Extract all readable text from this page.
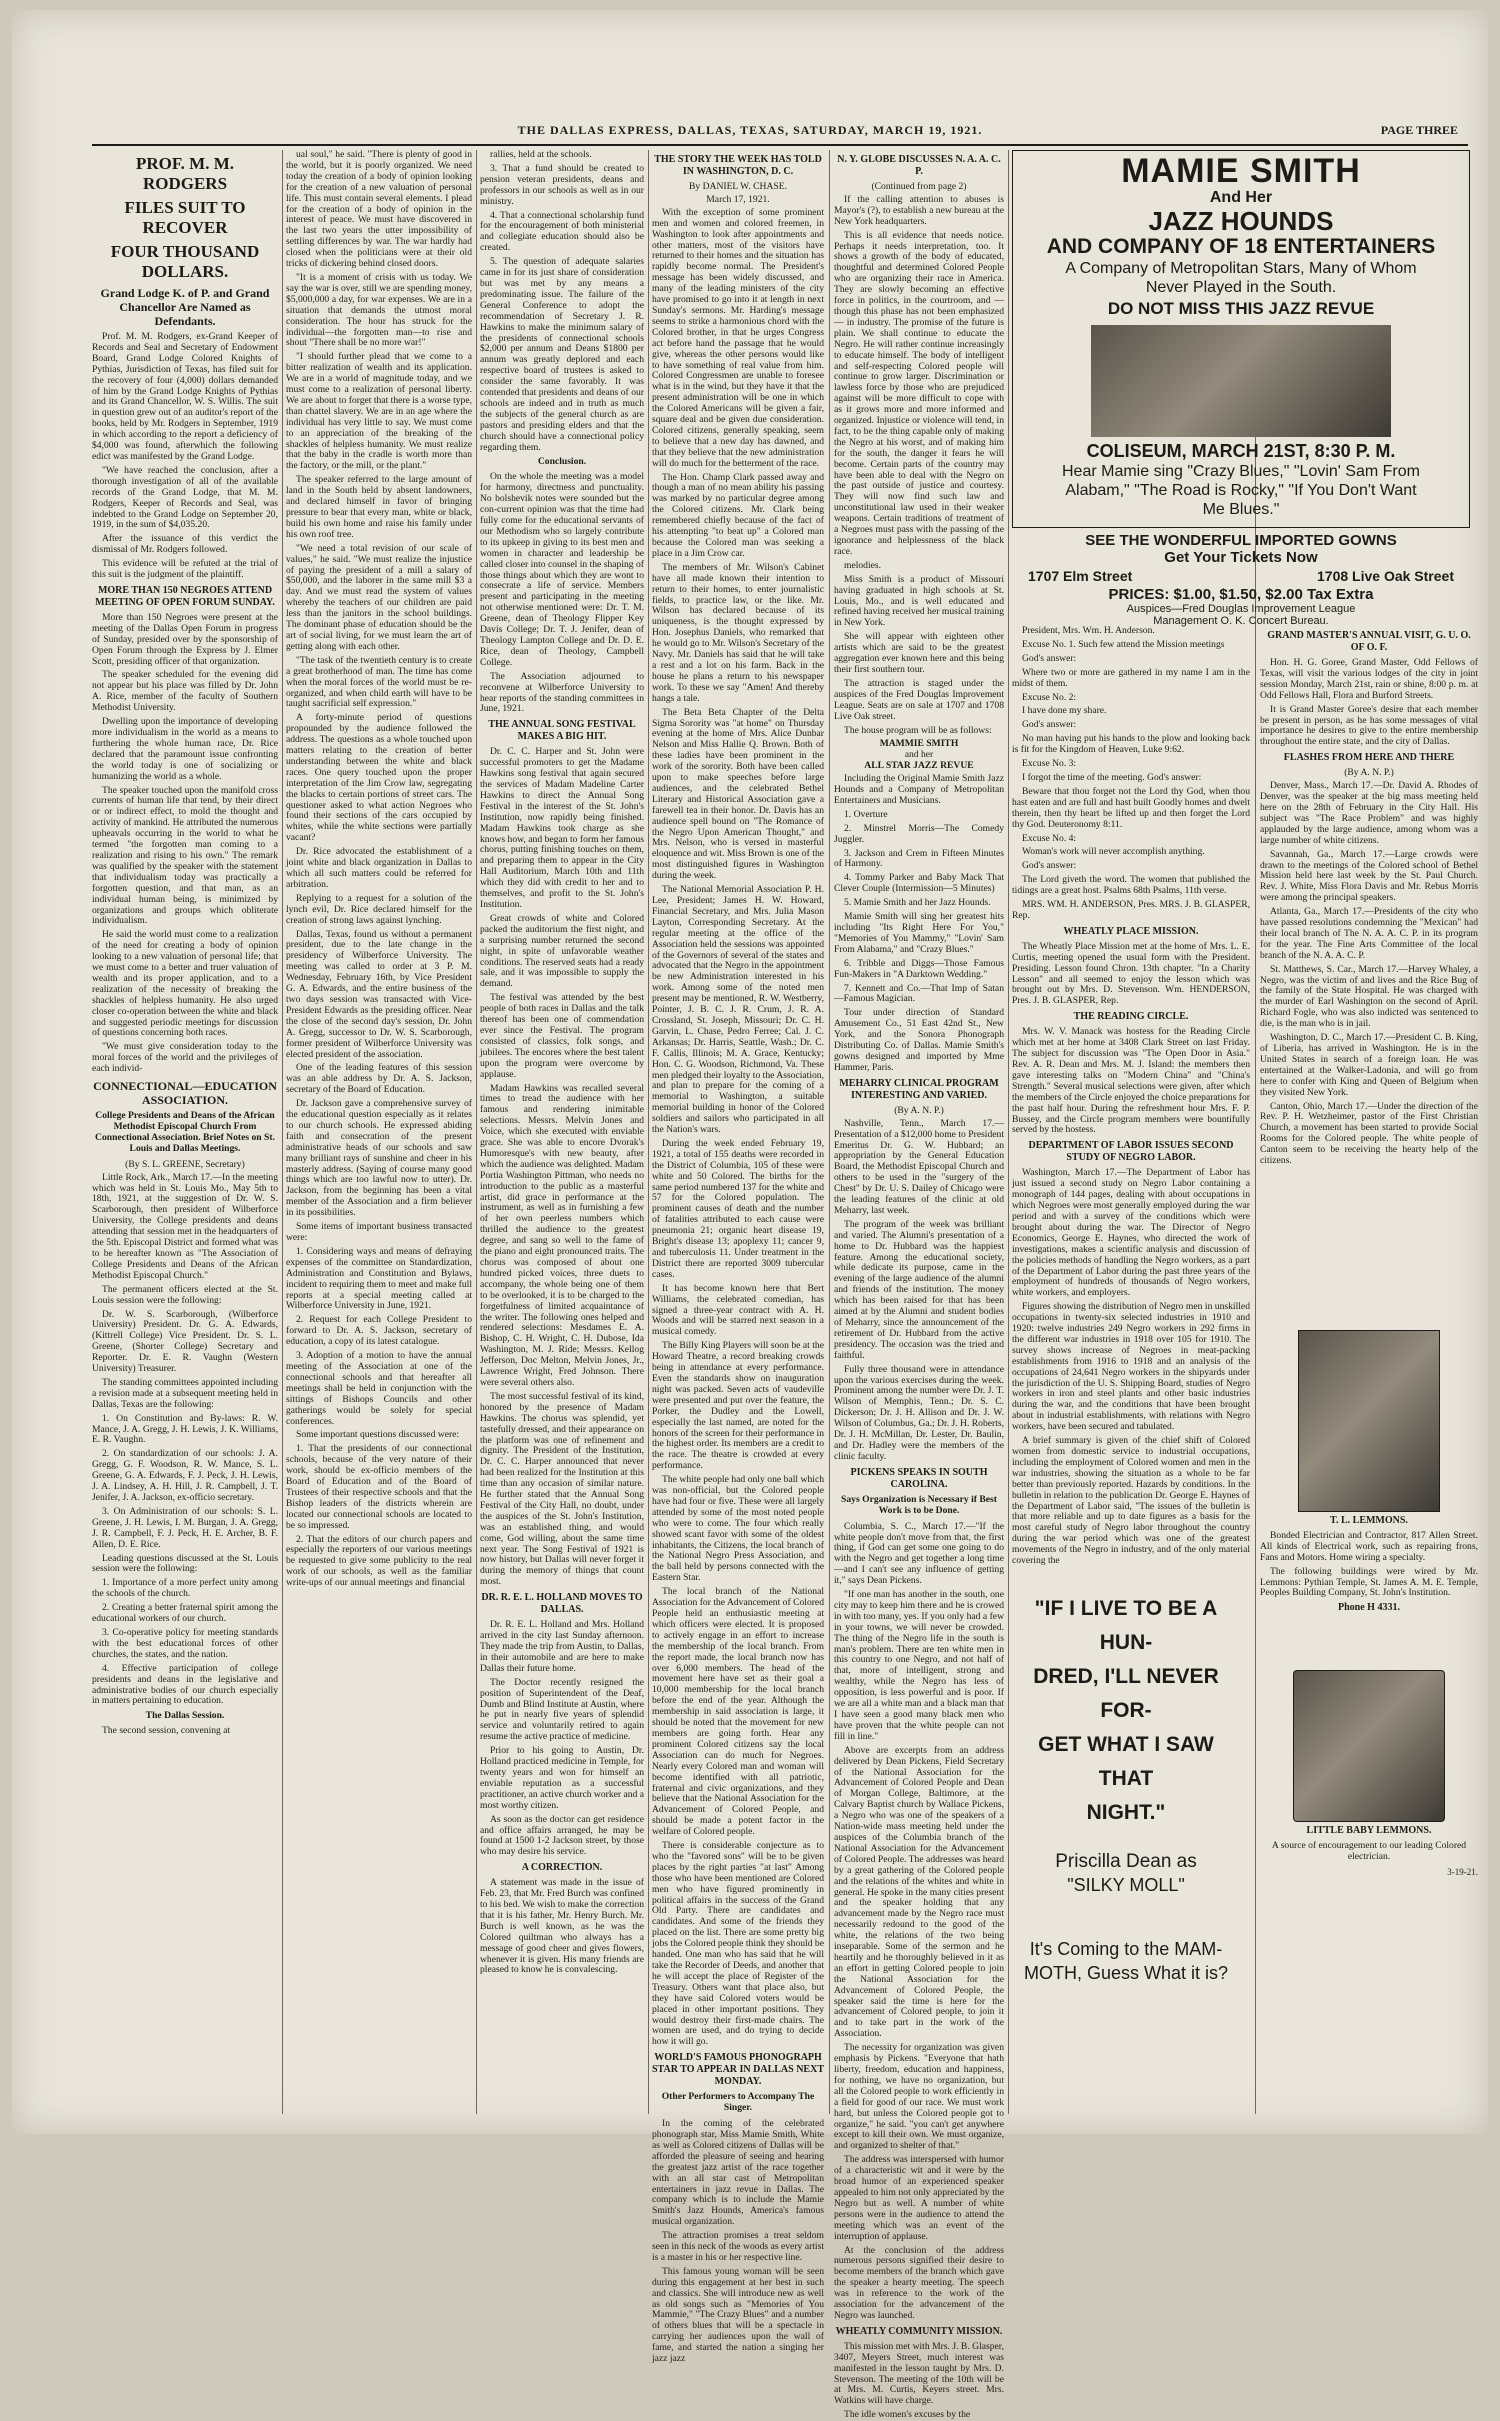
THE DALLAS EXPRESS, DALLAS, TEXAS, SATURDAY, MARCH 19, 1921.	PAGE THREE
PROF. M. M. RODGERS
FILES SUIT TO RECOVER
FOUR THOUSAND DOLLARS.
Grand Lodge K. of P. and Grand Chancellor Are Named as Defendants.

Prof. M. M. Rodgers, ex-Grand Keeper of Records and Seal and Secretary of Endowment Board, Grand Lodge Colored Knights of Pythias, Jurisdiction of Texas, has filed suit for the recovery of four (4,000) dollars demanded of him by the Grand Lodge Knights of Pythias and its Grand Chancellor, W. S. Willis. The suit in question grew out of an auditor's report of the books, held by Mr. Rodgers in September, 1919 in which according to the report a deficiency of $4,000 was found, afterwhich the following edict was manifested by the Grand Lodge.

"We have reached the conclusion, after a thorough investigation of all of the available records of the Grand Lodge, that M. M. Rodgers, Keeper of Records and Seal, was indebted to the Grand Lodge on September 20, 1919, in the sum of $4,035.20.

After the issuance of this verdict the dismissal of Mr. Rodgers followed.

This evidence will be refuted at the trial of this suit is the judgment of the plaintiff.

MORE THAN 150 NEGROES ATTEND MEETING OF OPEN FORUM SUNDAY.

More than 150 Negroes were present at the meeting of the Dallas Open Forum in progress of Sunday, presided over by the sponsorship of Open Forum through the Express by J. Elmer Scott, presiding officer of that organization.

The speaker scheduled for the evening did not appear but his place was filled by Dr. John A. Rice, member of the faculty of Southern Methodist University.

Dwelling upon the importance of developing more individualism in the world as a means to furthering the whole human race, Dr. Rice declared that the paramount issue confronting the world today is one of socializing or humanizing the world as a whole.

The speaker touched upon the manifold cross currents of human life that tend, by their direct or or indirect effect, to mold the thought and activity of mankind. He attributed the numerous upheavals occurring in the world to what he termed "the forgotten man coming to a realization and rising to his own." The remark was qualified by the speaker with the statement that individualism today was practically a forgotten question, and that man, as an individual human being, is minimized by organizations and groups which obliterate individualism.

He said the world must come to a realization of the need for creating a body of opinion looking to a new valuation of personal life; that we must come to a better and truer valuation of wealth and its proper application, and to a realization of the necessity of breaking the shackles of helpless humanity. He also urged closer co-operation between the white and black and suggested periodic meetings for discussion of questions concerning both races.

"We must give consideration today to the moral forces of the world and the privileges of each individ-

CONNECTIONAL—EDUCATION ASSOCIATION.
College Presidents and Deans of the African Methodist Episcopal Church From Connectional Association. Brief Notes on St. Louis and Dallas Meetings.
(By S. L. GREENE, Secretary)

Little Rock, Ark., March 17.—In the meeting which was held in St. Louis Mo., May 5th to 18th, 1921, at the suggestion of Dr. W. S. Scarborough, then president of Wilberforce University, the College presidents and deans attending that session met in the headquarters of the 5th. Episcopal District and formed what was to be hereafter known as "The Association of College Presidents and Deans of the African Methodist Episcopal Church."

The permanent officers elected at the St. Louis session were the following:

Dr. W. S. Scarborough, (Wilberforce University) President. Dr. G. A. Edwards, (Kittrell College) Vice President. Dr. S. L. Greene, (Shorter College) Secretary and Reporter. Dr. E. R. Vaughn (Western University) Treasurer.

The standing committees appointed including a revision made at a subsequent meeting held in Dallas, Texas are the following:

1. On Constitution and By-laws: R. W. Mance, J. A. Gregg, J. H. Lewis, J. K. Williams, E. R. Vaughn.

2. On standardization of our schools: J. A. Gregg, G. F. Woodson, R. W. Mance, S. L. Greene, G. A. Edwards, F. J. Peck, J. H. Lewis, J. A. Lindsey, A. H. Hill, J. R. Campbell, J. T. Jenifer, J. A. Jackson, ex-officio secretary.

3. On Administration of our schools: S. L. Greene, J. H. Lewis, I. M. Burgan, J. A. Gregg, J. R. Campbell, F. J. Peck, H. E. Archer, B. F. Allen, D. E. Rice.

Leading questions discussed at the St. Louis session were the following:

1. Importance of a more perfect unity among the schools of the church.

2. Creating a better fraternal spirit among the educational workers of our church.

3. Co-operative policy for meeting standards with the best educational forces of other churches, the states, and the nation.

4. Effective participation of college presidents and deans in the legislative and administrative bodies of our church especially in matters pertaining to education.

The Dallas Session.

The second session, convening at

ual soul," he said. "There is plenty of good in the world, but it is poorly organized. We need today the creation of a body of opinion looking for the creation of a new valuation of personal life. This must contain several elements. I plead for the creation of a body of opinion in the interest of peace. We must have discovered in the last two years the utter impossibility of settling differences by war. The war hardly had closed when the politicians were at their old tricks of dickering behind closed doors.

"It is a moment of crisis with us today. We say the war is over, still we are spending money, $5,000,000 a day, for war expenses. We are in a situation that demands the utmost moral consideration. The hour has struck for the individual—the forgotten man—to rise and shout "There shall be no more war!"

"I should further plead that we come to a bitter realization of wealth and its application. We are in a world of magnitude today, and we must come to a realization of personal liberty. We are about to forget that there is a worse type, than chattel slavery. We are in an age where the individual has very little to say. We must come to an appreciation of the breaking of the shackles of helpless humanity. We must realize that the baby in the cradle is worth more than the factory, or the mill, or the plant."

The speaker referred to the large amount of land in the South held by absent landowners, and declared himself in favor of bringing pressure to bear that every man, white or black, build his own home and raise his family under his own roof tree.

"We need a total revision of our scale of values," he said. "We must realize the injustice of paying the president of a mill a salary of $50,000, and the laborer in the same mill $3 a day. And we must read the system of values whereby the teachers of our children are paid less than the janitors in the school buildings. The dominant phase of education should be the art of social living, for we must learn the art of getting along with each other.

"The task of the twentieth century is to create a great brotherhood of man. The time has come when the moral forces of the world must be re-organized, and when child earth will have to be taught sacrificial self expression."

A forty-minute period of questions propounded by the audience followed the address. The questions as a whole touched upon matters relating to the creation of better understanding between the white and black races. One query touched upon the proper interpretation of the Jim Crow law, segregating the blacks to certain portions of street cars. The questioner asked to what action Negroes who found their sections of the cars occupied by whites, while the white sections were partially vacant?

Dr. Rice advocated the establishment of a joint white and black organization in Dallas to which all such matters could be referred for arbitration.

Replying to a request for a solution of the lynch evil, Dr. Rice declared himself for the creation of strong laws against lynching.

Dallas, Texas, found us without a permanent president, due to the late change in the presidency of Wilberforce University. The meeting was called to order at 3 P. M. Wednesday, February 16th, by Vice President G. A. Edwards, and the entire business of the two days session was transacted with Vice-President Edwards as the presiding officer. Near the close of the second day's session, Dr. John A. Gregg, successor to Dr. W. S. Scarborough, former president of Wilberforce University was elected president of the association.

One of the leading features of this session was an able address by Dr. A. S. Jackson, secretary of the Board of Education.

Dr. Jackson gave a comprehensive survey of the educational question especially as it relates to our church schools. He expressed abiding faith and consecration of the present administrative heads of our schools and saw many brilliant rays of sunshine and cheer in his masterly address. (Saying of course many good things which are too lawful now to utter). Dr. Jackson, from the beginning has been a vital member of the Association and a firm believer in its possibilities.

Some items of important business transacted were:

1. Considering ways and means of defraying expenses of the committee on Standardization, Administration and Constitution and Bylaws, incident to requiring them to meet and make full reports at a special meeting called at Wilberforce University in June, 1921.

2. Request for each College President to forward to Dr. A. S. Jackson, secretary of education, a copy of its latest catalogue.

3. Adoption of a motion to have the annual meeting of the Association at one of the connectional schools and that hereafter all meetings shall be held in conjunction with the sittings of Bishops Councils and other gatherings would be solely for special conferences.

Some important questions discussed were:

1. That the presidents of our connectional schools, because of the very nature of their work, should be ex-officio members of the Board of Education and of the Board of Trustees of their respective schools and that the Bishop leaders of the districts wherein are located our connectional schools are located to be so impressed.

2. That the editors of our church papers and especially the reporters of our various meetings be requested to give some publicity to the real work of our schools, as well as the familiar write-ups of our annual meetings and financial

rallies, held at the schools.

3. That a fund should be created to pension veteran presidents, deans and professors in our schools as well as in our ministry.

4. That a connectional scholarship fund for the encouragement of both ministerial and collegiate education should also be created.

5. The question of adequate salaries came in for its just share of consideration but was met by any means a predominating issue. The failure of the General Conference to adopt the recommendation of Secretary J. R. Hawkins to make the minimum salary of the presidents of connectional schools $2,000 per annum and Deans $1800 per annum was greatly deplored and each respective board of trustees is asked to consider the same favorably. It was contended that presidents and deans of our schools are indeed and in truth as much the subjects of the general church as are pastors and presiding elders and that the church should have a connectional policy regarding them.

Conclusion.

On the whole the meeting was a model for harmony, directness and punctuality. No bolshevik notes were sounded but the con-current opinion was that the time had fully come for the educational servants of our Methodism who so largely contribute to its upkeep in giving to its best men and women in character and leadership be called closer into counsel in the shaping of those things about which they are wont to consecrate a life of service. Members present and participating in the meeting not otherwise mentioned were: Dr. T. M. Greene, dean of Theology Flipper Key Davis College; Dr. T. J. Jenifer, dean of Theology Lampton College and Dr. D. E. Rice, dean of Theology, Campbell College.

The Association adjourned to reconvene at Wilberforce University to hear reports of the standing committees in June, 1921.

THE ANNUAL SONG FESTIVAL MAKES A BIG HIT.

Dr. C. C. Harper and St. John were successful promoters to get the Madame Hawkins song festival that again secured the services of Madam Madeline Carter Hawkins to direct the Annual Song Festival in the interest of the St. John's Institution, now rapidly being finished. Madam Hawkins took charge as she knows how, and began to form her famous chorus, putting finishing touches on them, and preparing them to appear in the City Hall Auditorium, March 10th and 11th which they did with credit to her and to themselves, and profit to the St. John's Institution.

Great crowds of white and Colored packed the auditorium the first night, and a surprising number returned the second night, in spite of unfavorable weather conditions. The reserved seats had a ready sale, and it was impossible to supply the demand.

The festival was attended by the best people of both races in Dallas and the talk thereof has been one of commendation ever since the Festival. The program consisted of classics, folk songs, and jubilees. The encores where the best talent upon the program were overcome by applause.

Madam Hawkins was recalled several times to tread the audience with her famous and rendering inimitable selections. Messrs. Melvin Jones and Voice, which she executed with enviable grace. She was able to encore Dvorak's Humoresque's with new beauty, after which the audience was delighted. Madam Portia Washington Pittman, who needs no introduction to the public as a masterful artist, did grace in performance at the instrument, as well as in furnishing a few of her own peerless numbers which thrilled the audience to the greatest degree, and sang so well to the fame of the piano and eight pronounced traits. The chorus was composed of about one hundred picked voices, three duets to accompany, the whole being one of them to be overlooked, it is to be charged to the forgetfulness of limited acquaintance of the writer. The following ones helped and rendered selections: Mesdames E. A. Bishop, C. H. Wright, C. H. Dubose, Ida Washington, M. J. Ride; Messrs. Kellog Jefferson, Doc Melton, Melvin Jones, Jr., Lawrence Wright, Fred Johnson. There were several others also.

The most successful festival of its kind, honored by the presence of Madam Hawkins. The chorus was splendid, yet tastefully dressed, and their appearance on the platform was one of refinement and dignity. The President of the Institution, Dr. C. C. Harper announced that never had been realized for the Institution at this time than any occasion of similar nature. He further stated that the Annual Song Festival of the City Hall, no doubt, under the auspices of the St. John's Institution, was an established thing, and would come, God willing, about the same time next year. The Song Festival of 1921 is now history, but Dallas will never forget it during the memory of things that count most.

DR. R. E. L. HOLLAND MOVES TO DALLAS.

Dr. R. E. L. Holland and Mrs. Holland arrived in the city last Sunday afternoon. They made the trip from Austin, to Dallas, in their automobile and are here to make Dallas their future home.

The Doctor recently resigned the position of Superintendent of the Deaf, Dumb and Blind Institute at Austin, where he put in nearly five years of splendid service and voluntarily retired to again resume the active practice of medicine.

Prior to his going to Austin, Dr. Holland practiced medicine in Temple, for twenty years and won for himself an enviable reputation as a successful practitioner, an active church worker and a most worthy citizen.

As soon as the doctor can get residence and office affairs arranged, he may be found at 1500 1-2 Jackson street, by those who may desire his service.

A CORRECTION.

A statement was made in the issue of Feb. 23, that Mr. Fred Burch was confined to his bed. We wish to make the correction that it is his father, Mr. Henry Burch. Mr. Burch is well known, as he was the Colored quiltman who always has a message of good cheer and gives flowers, whenever it is given. His many friends are pleased to know he is convalescing.

THE STORY THE WEEK HAS TOLD IN WASHINGTON, D. C.
By DANIEL W. CHASE.
March 17, 1921.

With the exception of some prominent men and women and colored freemen, in Washington to look after appointments and other matters, most of the visitors have returned to their homes and the situation has rapidly become normal. The President's message has been widely discussed, and many of the leading ministers of the city have promised to go into it at length in next Sunday's sermons. Mr. Harding's message seems to strike a harmonious chord with the Colored brother, in that he urges Congress act before hand the passage that he would give, whereas the other persons would like to have something of real value from him. Colored Congressmen are unable to foresee what is in the wind, but they have it that the present administration will be one in which the Colored Americans will be given a fair, square deal and be given due consideration. Colored citizens, generally speaking, seem to believe that a new day has dawned, and that they believe that the new administration will do much for the betterment of the race.

The Hon. Champ Clark passed away and though a man of no mean ability his passing was marked by no particular degree among the Colored citizens. Mr. Clark being remembered chiefly because of the fact of his attempting "to beat up" a Colored man because the Colored man was seeking a place in a Jim Crow car.

The members of Mr. Wilson's Cabinet have all made known their intention to return to their homes, to enter journalistic fields, to practice law, or the like. Mr. Wilson has declared because of its uniqueness, is the thought expressed by Hon. Josephus Daniels, who remarked that he would go to Mr. Wilson's Secretary of the Navy. Mr. Daniels has said that he will take a rest and a lot on his farm. Back in the house he plans a return to his newspaper work. To these we say "Amen! And thereby hangs a tale.

The Beta Beta Chapter of the Delta Sigma Sorority was "at home" on Thursday evening at the home of Mrs. Alice Dunbar Nelson and Miss Hallie Q. Brown. Both of these ladies have been prominent in the work of the sorority. Both have been called upon to make speeches before large audiences, and the celebrated Bethel Literary and Historical Association gave a farewell tea in their honor. Dr. Davis has an audience spell bound on "The Romance of the Negro Upon American Thought," and Mrs. Nelson, who is versed in masterful eloquence and wit. Miss Brown is one of the most distinguished figures in Washington during the week.

The National Memorial Association P. H. Lee, President; James H. W. Howard, Financial Secretary, and Mrs. Julia Mason Layton, Corresponding Secretary. At the regular meeting at the office of the Association held the sessions was appointed of the Governors of several of the states and advocated that the Negro in the appointment be new Administration interested in his work. Among some of the noted men present may be mentioned, R. W. Westberry, Pointer, J. B. C. J. R. Crum, J. R. A. Crossland, St. Joseph, Missouri; Dr. C. H. Garvin, L. Chase, Pedro Ferree; Cal. J. C. Arkansas; Dr. Harris, Seattle, Wash.; Dr. C. F. Callis, Illinois; M. A. Grace, Kentucky; Hon. C. G. Woodson, Richmond, Va. These men pledged their loyalty to the Association, and plan to prepare for the coming of a memorial to Washington, a suitable memorial building in honor of the Colored soldiers and sailors who participated in all the Nation's wars.

During the week ended February 19, 1921, a total of 155 deaths were recorded in the District of Columbia, 105 of these were white and 50 Colored. The births for the same period numbered 137 for the white and 57 for the Colored population. The prominent causes of death and the number of fatalities attributed to each cause were pneumonia 21; organic heart disease 19, Bright's disease 13; apoplexy 11; cancer 9, and tuberculosis 11. Under treatment in the District there are reported 3009 tubercular cases.

It has become known here that Bert Williams, the celebrated comedian, has signed a three-year contract with A. H. Woods and will be starred next season in a musical comedy.

The Billy King Players will soon be at the Howard Theatre, a record breaking crowds being in attendance at every performance. Even the standards show on inauguration night was packed. Seven acts of vaudeville were presented and put over the feature, the Porker, the Dudley and the Lowell, especially the last named, are noted for the honors of the screen for their performance in the highest order. Its members are a credit to the race. The theatre is crowded at every performance.

The white people had only one ball which was non-official, but the Colored people have had four or five. These were all largely attended by some of the most noted people who were to come. The four which really showed scant favor with some of the oldest inhabitants, the Citizens, the local branch of the National Negro Press Association, and the ball held by persons connected with the Eastern Star.

The local branch of the National Association for the Advancement of Colored People held an enthusiastic meeting at which officers were elected. It is proposed to actively engage in an effort to increase the membership of the local branch. From the report made, the local branch now has over 6,000 members. The head of the movement here have set as their goal a 10,000 membership for the local branch before the end of the year. Although the membership in said association is large, it should be noted that the movement for new members are going forth. Hear any prominent Colored citizens say the local Association can do much for Negroes. Nearly every Colored man and woman will become identified with all patriotic, fraternal and civic organizations, and they believe that the National Association for the Advancement of Colored People, and should be made a potent factor in the welfare of Colored people.

There is considerable conjecture as to who the "favored sons" will be to be given places by the right parties "at last" Among those who have been mentioned are Colored men who have figured prominently in political affairs in the success of the Grand Old Party. There are candidates and candidates. And some of the friends they placed on the list. There are some pretty big jobs the Colored people think they should be handed. One man who has said that he will take the Recorder of Deeds, and another that he will accept the place of Register of the Treasury. Others want that place also, but they have said Colored voters would be placed in other important positions. They would destroy their first-made chairs. The women are used, and do trying to decide how it will go.

WORLD'S FAMOUS PHONOGRAPH STAR TO APPEAR IN DALLAS NEXT MONDAY.
Other Performers to Accompany The Singer.

In the coming of the celebrated phonograph star, Miss Mamie Smith, White as well as Colored citizens of Dallas will be afforded the pleasure of seeing and hearing the greatest jazz artist of the race together with an all star cast of Metropolitan entertainers in jazz revue in Dallas. The company which is to include the Mamie Smith's Jazz Hounds, America's famous musical organization.

The attraction promises a treat seldom seen in this neck of the woods as every artist is a master in his or her respective line.

This famous young woman will be seen during this engagement at her best in such and classics. She will introduce new as well as old songs such as "Memories of You Mammie," "The Crazy Blues" and a number of others blues that will be a spectacle in carrying her audiences upon the wall of fame, and started the nation a singing her jazz jazz

N. Y. GLOBE DISCUSSES N. A. A. C. P.
(Continued from page 2)

If the calling attention to abuses is Mayor's (?), to establish a new bureau at the New York headquarters.

This is all evidence that needs notice. Perhaps it needs interpretation, too. It shows a growth of the body of educated, thoughtful and determined Colored People who are organizing their race in America. They are slowly becoming an effective force in politics, in the courtroom, and — though this phase has not been emphasized — in industry. The promise of the future is plain. We shall continue to educate the Negro. He will rather continue increasingly to educate himself. The body of intelligent and self-respecting Colored people will continue to grow larger. Discrimination or lawless force by those who are prejudiced against will be more difficult to cope with as it grows more and more informed and organized. Injustice or violence will tend, in fact, to be the thing capable only of making the Negro at his worst, and of making him for the south, the danger it fears he will become. Certain parts of the country may have been able to deal with the Negro on the past outside of justice and courtesy. They will now find such law and unconstitutional law used in their weaker weapons. Certain traditions of treatment of a Negroes must pass with the passing of the ignorance and helplessness of the black race.

melodies.

Miss Smith is a product of Missouri having graduated in high schools at St. Louis, Mo., and is well educated and refined having received her musical training in New York.

She will appear with eighteen other artists which are said to be the greatest aggregation ever known here and this being their first southern tour.

The attraction is staged under the auspices of the Fred Douglas Improvement League. Seats are on sale at 1707 and 1708 Live Oak street.

The house program will be as follows:

MAMMIE SMITH
and her
ALL STAR JAZZ REVUE

Including the Original Mamie Smith Jazz Hounds and a Company of Metropolitan Entertainers and Musicians.

1. Overture

2. Minstrel Morris—The Comedy Juggler.

3. Jackson and Crem in Fifteen Minutes of Harmony.

4. Tommy Parker and Baby Mack That Clever Couple (Intermission—5 Minutes)

5. Mamie Smith and her Jazz Hounds.

Mamie Smith will sing her greatest hits including "Its Right Here For You," "Memories of You Mammy," "Lovin' Sam From Alabama," and "Crazy Blues."

6. Tribble and Diggs—Those Famous Fun-Makers in "A Darktown Wedding."

7. Kennett and Co.—That Imp of Satan—Famous Magician.

Tour under direction of Standard Amusement Co., 51 East 42nd St., New York, and the Sonora Phonograph Distributing Co. of Dallas. Mamie Smith's gowns designed and imported by Mme Hammer, Paris.

MEHARRY CLINICAL PROGRAM INTERESTING AND VARIED.
(By A. N. P.)

Nashville, Tenn., March 17.—Presentation of a $12,000 home to President Emeritus Dr. G. W. Hubbard; an appropriation by the General Education Board, the Methodist Episcopal Church and others to be used in the "surgery of the Chest" by Dr. U. S. Dailey of Chicago were the leading features of the clinic at old Meharry, last week.

The program of the week was brilliant and varied. The Alumni's presentation of a home to Dr. Hubbard was the happiest feature. Among the educational society, while dedicate its purpose, came in the evening of the large audience of the alumni and friends of the institution. The money which has been raised for that has been aimed at by the Alumni and student bodies of Meharry, since the announcement of the retirement of Dr. Hubbard from the active presidency. The occasion was the tried and faithful.

Fully three thousand were in attendance upon the various exercises during the week. Prominent among the number were Dr. J. T. Wilson of Memphis, Tenn.; Dr. S. C. Dickerson; Dr. J. H. Allison and Dr. J. W. Wilson of Columbus, Ga.; Dr. J. H. Roberts, Dr. J. H. McMillan, Dr. Lester, Dr. Baulin, and Dr. Hadley were the members of the clinic faculty.

PICKENS SPEAKS IN SOUTH CAROLINA.
Says Organization is Necessary if Best Work is to be Done.

Columbia, S. C., March 17.—"If the white people don't move from that, the first thing, if God can get some one going to do with the Negro and get together a long time—and I can't see any influence of getting it," says Dean Pickens.

"If one man has another in the south, one city may to keep him there and he is crowed in with too many, yes. If you only had a few in your towns, we will never be crowded. The thing of the Negro life in the south is man's problem. There are ten white men in this country to one Negro, and not half of that, more of intelligent, strong and wealthy, while the Negro has less of opposition, is less powerful and is poor. If we are all a white man and a black man that I have seen a good many black men who have proven that the white people can not fill in line."

Above are excerpts from an address delivered by Dean Pickens, Field Secretary of the National Association for the Advancement of Colored People and Dean of Morgan College, Baltimore, at the Calvary Baptist church by Wallace Pickens, a Negro who was one of the speakers of a Nation-wide mass meeting held under the auspices of the Columbia branch of the National Association for the Advancement of Colored People. The addresses was heard by a great gathering of the Colored people and the relations of the whites and white in general. He spoke in the many cities present and the speaker holding that any advancement made by the Negro race must necessarily redound to the good of the white, the relations of the two being inseparable. Some of the sermon and he heartily and he thoroughly believed in it as an effort in getting Colored people to join the National Association for the Advancement of Colored People, the speaker said the time is here for the advancement of Colored people, to join it and to take part in the work of the Association.

The necessity for organization was given emphasis by Pickens. "Everyone that hath liberty, freedom, education and happiness, for nothing, we have no organization, but all the Colored people to work efficiently in a field for good of our race. We must work hard, but unless the Colored people got to organize," he said. "you can't get anywhere except to kill their own. We must organize, and organized to shelter of that."

The address was interspersed with humor of a characteristic wit and it were by the broad humor of an experienced speaker appealed to him not only appreciated by the Negro but as well. A number of white persons were in the audience to attend the meeting which was an event of the interruption of applause.

At the conclusion of the address numerous persons signified their desire to become members of the branch which gave the speaker a hearty meeting. The speech was in reference to the work of the association for the advancement of the Negro was launched.

WHEATLY COMMUNITY MISSION.

This mission met with Mrs. J. B. Glasper, 3407, Meyers Street, much interest was manifested in the lesson taught by Mrs. D. Stevenson. The meeting of the 10th will be at Mrs. M. Curtis, Keyers street. Mrs. Watkins will have charge.

The idle women's excuses by the

MAMIE SMITH
And Her
JAZZ HOUNDS
AND COMPANY OF 18 ENTERTAINERS
A Company of Metropolitan Stars, Many of Whom
Never Played in the South.
DO NOT MISS THIS JAZZ REVUE
COLISEUM, MARCH 21ST, 8:30 P. M.
Hear Mamie sing "Crazy Blues," "Lovin' Sam From
Alabam," "The Road is Rocky," "If You Don't Want
Me Blues."
SEE THE WONDERFUL IMPORTED GOWNS
Get Your Tickets Now
1707 Elm Street	1708 Live Oak Street
PRICES: $1.00, $1.50, $2.00 Tax Extra
Auspices—Fred Douglas Improvement League
Management O. K. Concert Bureau.

President, Mrs. Wm. H. Anderson.

Excuse No. 1. Such few attend the Mission meetings

God's answer:

Where two or more are gathered in my name I am in the midst of them.

Excuse No. 2:

I have done my share.

God's answer:

No man having put his hands to the plow and looking back is fit for the Kingdom of Heaven, Luke 9:62.

Excuse No. 3:

I forgot the time of the meeting. God's answer:

Beware that thou forget not the Lord thy God, when thou hast eaten and are full and hast built Goodly homes and dwelt therein, then thy heart be lifted up and then forget the Lord thy God. Deuteronomy 8:11.

Excuse No. 4:

Woman's work will never accomplish anything.

God's answer:

The Lord giveth the word. The women that published the tidings are a great host. Psalms 68th Psalms, 11th verse.

MRS. WM. H. ANDERSON, Pres. MRS. J. B. GLASPER, Rep.

WHEATLY PLACE MISSION.

The Wheatly Place Mission met at the home of Mrs. L. E. Curtis, meeting opened the usual form with the President. Presiding. Lesson found Chron. 13th chapter. "In a Charity Lesson" and all seemed to enjoy the lesson which was brought out by Mrs. D. Stevenson. Wm. HENDERSON, Pres. J. B. GLASPER, Rep.

THE READING CIRCLE.

Mrs. W. V. Manack was hostess for the Reading Circle which met at her home at 3408 Clark Street on last Friday. The subject for discussion was "The Open Door in Asia." Rev. A. R. Dean and Mrs. M. J. Island: the members then gave interesting talks on "Modern China" and "China's Strength." Several musical selections were given, after which the members of the Circle enjoyed the choice preparations for the past half hour. During the refreshment hour Mrs. F. P. Bussey, and the Circle program members were bountifully served by the hostess.

DEPARTMENT OF LABOR ISSUES SECOND STUDY OF NEGRO LABOR.

Washington, March 17.—The Department of Labor has just issued a second study on Negro Labor containing a monograph of 144 pages, dealing with about occupations in which Negroes were most generally employed during the war period and with a survey of the conditions which were brought about during the war. The Director of Negro Economics, George E. Haynes, who directed the work of investigations, makes a scientific analysis and discussion of the policies methods of handling the Negro workers, as a part of the Department of Labor during the past three years of the employment of hundreds of thousands of Negro workers, white workers, and employers.

Figures showing the distribution of Negro men in unskilled occupations in twenty-six selected industries in 1910 and 1920: twelve industries 249 Negro workers in 292 firms in the different war industries in 1918 over 105 for 1910. The survey shows increase of Negroes in meat-packing establishments from 1916 to 1918 and an analysis of the occupations of 24,641 Negro workers in the shipyards under the jurisdiction of the U. S. Shipping Board, studies of Negro workers in iron and steel plants and other basic industries during the war, and the conditions that have been brought about in industrial establishments, with relations with Negro workers, have been secured and tabulated.

A brief summary is given of the chief shift of Colored women from domestic service to industrial occupations, including the employment of Colored women and men in the war industries, showing the situation as a whole to be far better than previously reported. Hazards by conditions. In the bulletin in relation to the publication Dr. George E. Haynes of the Department of Labor said, "The issues of the bulletin is that more reliable and up to date figures as a basis for the most careful study of Negro labor throughout the country during the war period which was one of the greatest movements of the Negro in industry, and of the only material covering the

GRAND MASTER'S ANNUAL VISIT, G. U. O. OF O. F.

Hon. H. G. Goree, Grand Master, Odd Fellows of Texas, will visit the various lodges of the city in joint session Monday, March 21st, rain or shine, 8:00 p. m. at Odd Fellows Hall, Flora and Burford Streets.

It is Grand Master Goree's desire that each member be present in person, as he has some messages of vital importance he desires to give to the entire membership throughout the entire state, and the city of Dallas.

FLASHES FROM HERE AND THERE
(By A. N. P.)

Denver, Mass., March 17.—Dr. David A. Rhodes of Denver, was the speaker at the big mass meeting held here on the 28th of February in the City Hall. His subject was "The Race Problem" and was highly applauded by the large audience, among whom was a large number of white citizens.

Savannah, Ga., March 17.—Large crowds were drawn to the meetings of the Colored school of Bethel Mission held here last week by the St. Paul Church. Rev. J. White, Miss Flora Davis and Mr. Rebus Morris were among the principal speakers.

Atlanta, Ga., March 17.—Presidents of the city who have passed resolutions condemning the "Mexican" had their local branch of The N. A. A. C. P. in its program for the year. The Fine Arts Committee of the local branch of the N. A. A. C. P.

St. Matthews, S. Car., March 17.—Harvey Whaley, a Negro, was the victim of and lives and the Rice Bug of the family of the State Hospital. He was charged with the murder of Earl Washington on the second of April. Richard Fogle, who was also indicted was sentenced to die, is the man who is in jail.

Washington, D. C., March 17.—President C. B. King, of Liberia, has arrived in Washington. He is in the United States in search of a foreign loan. He was entertained at the Walker-Ladonia, and will go from here to confer with King and Queen of Belgium when they visited New York.

Canton, Ohio, March 17.—Under the direction of the Rev. P. H. Wetzheimer, pastor of the First Christian Church, a movement has been started to provide Social Rooms for the Colored people. The white people of Canton seem to be receiving the hearty help of the citizens.

T. L. LEMMONS.

Bonded Electrician and Contractor, 817 Allen Street. All kinds of Electrical work, such as repairing frons, Fans and Motors. Home wiring a specialty.

The following buildings were wired by Mr. Lemmons: Pythian Temple, St. James A. M. E. Temple, Peoples Building Company, St. John's Institution.

Phone H 4331.
LITTLE BABY LEMMONS.
A source of encouragement to our leading Colored electrician.
3-19-21.
"IF I LIVE TO BE A HUN-
DRED, I'LL NEVER FOR-
GET WHAT I SAW THAT
NIGHT."
Priscilla Dean as
"SILKY MOLL"
It's Coming to the MAM-
MOTH, Guess What it is?
